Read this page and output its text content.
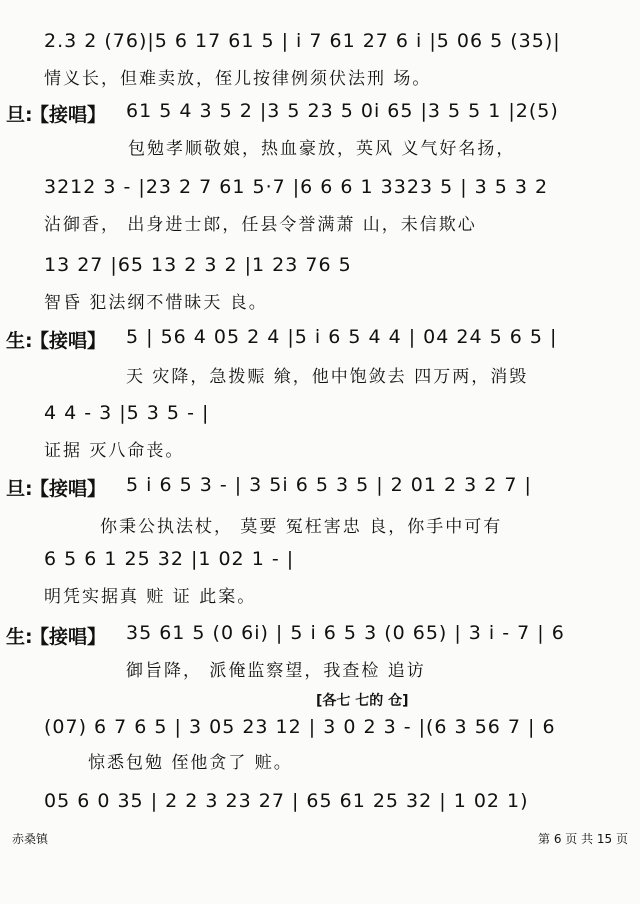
2.3 2 (76)|5 6 17 61 5 | i 7 61 27 6 i |5 06 5 (35)|
情义长，但难卖放，侄儿按律例须伏法刑 场。
旦:
【接唱】 61 5 4 3 5 2 |3 5 23 5 0i 65 |3 5 5 1 |2(5)
包勉孝顺敬娘，热血豪放，英风 义气好名扬，
3212 3 - |23 2 7 61 5·7 |6 6 6 1 3323 5 | 3 5 3 2
沾御香， 出身进士郎，任县令誉满萧 山，未信欺心
13 27 |65 13 2 3 2 |1 23 76 5
智昏 犯法纲不惜昧天 良。
生:
【接唱】 5 | 56 4 05 2 4 |5 i 6 5 4 4 | 04 24 5 6 5 |
天 灾降，急拨赈 飨，他中饱敛去 四万两，消毁
4 4 - 3 |5 3 5 - |
证据 灭八命丧。
旦:
【接唱】 5 i 6 5 3 - | 3 5i 6 5 3 5 | 2 01 2 3 2 7 |
你秉公执法杖， 莫要 冤枉害忠 良，你手中可有
6 5 6 1 25 32 |1 02 1 - |
明凭实据真 赃 证 此案。
生:
【接唱】 35 61 5 (0 6i) | 5 i 6 5 3 (0 65) | 3 i - 7 | 6
御旨降， 派俺监察望，我查检 追访
[各七 七的 仓]
(07) 6 7 6 5 | 3 05 23 12 | 3 0 2 3 - |(6 3 56 7 | 6
惊悉包勉 侄他贪了 赃。
05 6 0 35 | 2 2 3 23 27 | 65 61 25 32 | 1 02 1)
赤桑镇	第 6 页 共 15 页
